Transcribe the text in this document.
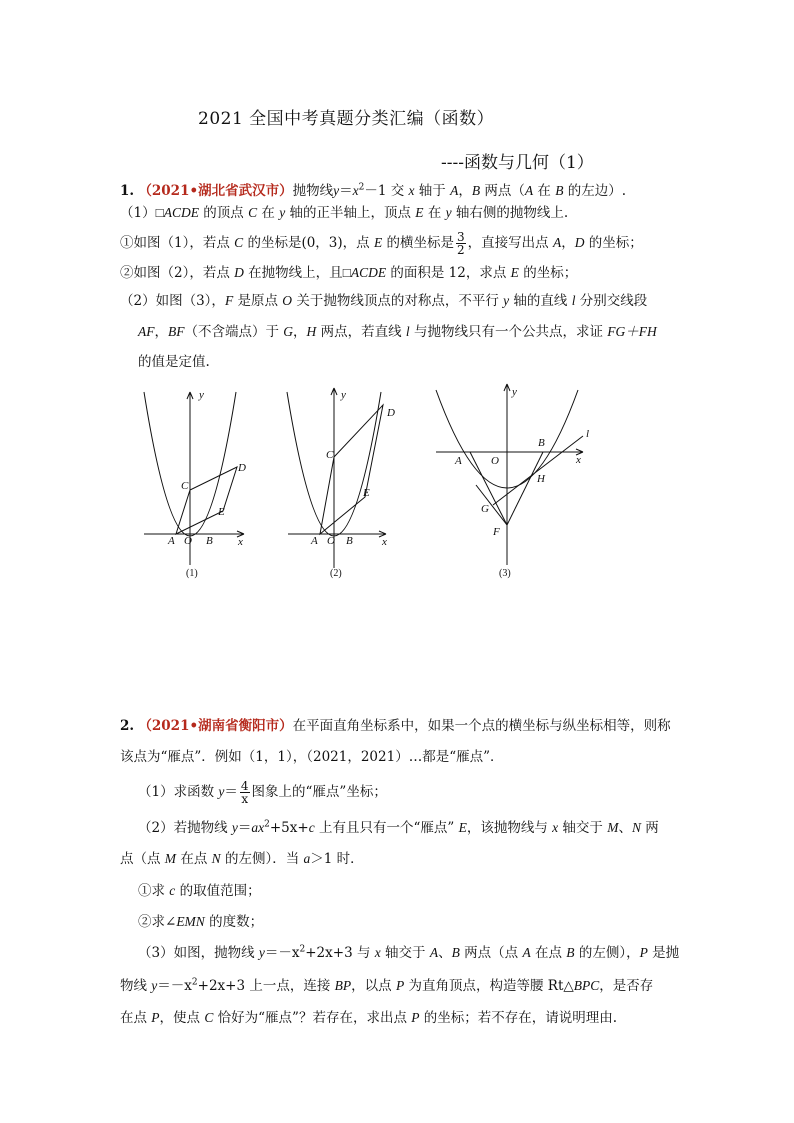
2021 全国中考真题分类汇编（函数）
----函数与几何（1）
1. （2021•湖北省武汉市）抛物线$y=x^2-1$ 交 x 轴于 A，B 两点（A 在 B 的左边）.
（1）□ACDE 的顶点 C 在 y 轴的正半轴上，顶点 E 在 y 轴右侧的抛物线上.
①如图（1），若点 C 的坐标是(0，3)，点 E 的横坐标是 $\frac{3}{2}$ ，直接写出点 A，D 的坐标；
②如图（2），若点 D 在抛物线上，且□ACDE 的面积是 12，求点 E 的坐标；
（2）如图（3），F 是原点 O 关于抛物线顶点的对称点，不平行 y 轴的直线 l 分别交线段
AF，BF（不含端点）于 G，H 两点，若直线 l 与抛物线只有一个公共点，求证 FG＋FH
的值是定值.
y
x
C
D
E
A O B
(1)
y
x
C
D
E
A O B
(2)
y
x
l
A	O
B
H
G
F
(3)
2. （2021•湖南省衡阳市）在平面直角坐标系中，如果一个点的横坐标与纵坐标相等，则称
该点为“雁点”．例如（1，1），（2021，2021）…都是“雁点”．
（1）求函数 $y= \frac{4}{x}$ 图象上的“雁点”坐标；
（2）若抛物线 $y=ax^2+5x+c$ 上有且只有一个“雁点” E，该抛物线与 x 轴交于 M、N 两
点（点 M 在点 N 的左侧）．当 a＞1 时．
①求 c 的取值范围；
②求∠EMN 的度数；
（3）如图，抛物线 $y=-x^2+2x+3$ 与 x 轴交于 A、B 两点（点 A 在点 B 的左侧），P 是抛
物线 $y=-x^2+2x+3$ 上一点，连接 BP，以点 P 为直角顶点，构造等腰 Rt△BPC，是否存
在点 P，使点 C 恰好为“雁点”？若存在，求出点 P 的坐标；若不存在，请说明理由.
